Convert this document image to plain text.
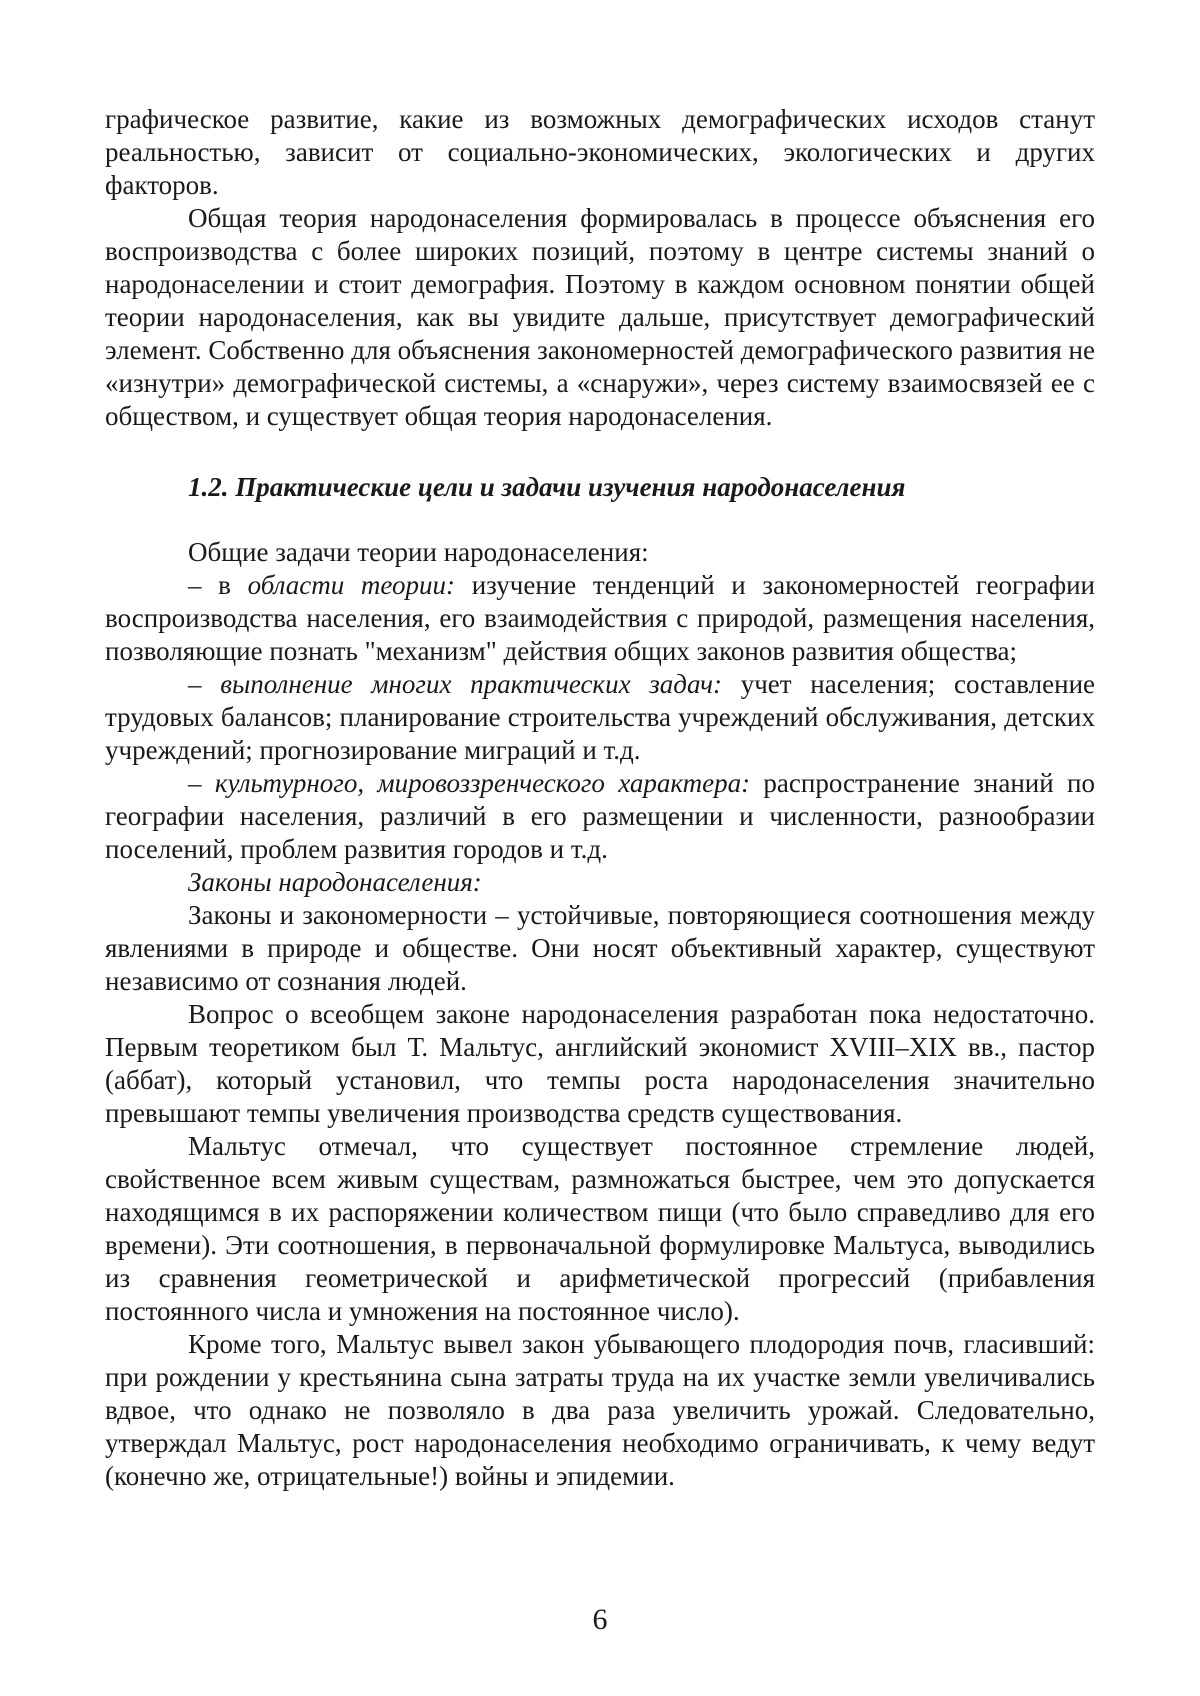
графическое развитие, какие из возможных демографических исходов станут реальностью, зависит от социально-экономических, экологических и других факторов.

Общая теория народонаселения формировалась в процессе объяснения его воспроизводства с более широких позиций, поэтому в центре системы знаний о народонаселении и стоит демография. Поэтому в каждом основном понятии общей теории народонаселения, как вы увидите дальше, присутствует демографический элемент. Собственно для объяснения закономерностей демографического развития не «изнутри» демографической системы, а «снаружи», через систему взаимосвязей ее с обществом, и существует общая теория народонаселения.

1.2. Практические цели и задачи изучения народонаселения

Общие задачи теории народонаселения:

– в области теории: изучение тенденций и закономерностей географии воспроизводства населения, его взаимодействия с природой, размещения населения, позволяющие познать "механизм" действия общих законов развития общества;

– выполнение многих практических задач: учет населения; составление трудовых балансов; планирование строительства учреждений обслуживания, детских учреждений; прогнозирование миграций и т.д.

– культурного, мировоззренческого характера: распространение знаний по географии населения, различий в его размещении и численности, разнообразии поселений, проблем развития городов и т.д.

Законы народонаселения:

Законы и закономерности – устойчивые, повторяющиеся соотношения между явлениями в природе и обществе. Они носят объективный характер, существуют независимо от сознания людей.

Вопрос о всеобщем законе народонаселения разработан пока недостаточно. Первым теоретиком был Т. Мальтус, английский экономист XVIII–XIX вв., пастор (аббат), который установил, что темпы роста народонаселения значительно превышают темпы увеличения производства средств существования.

Мальтус отмечал, что существует постоянное стремление людей, свойственное всем живым существам, размножаться быстрее, чем это допускается находящимся в их распоряжении количеством пищи (что было справедливо для его времени). Эти соотношения, в первоначальной формулировке Мальтуса, выводились из сравнения геометрической и арифметической прогрессий (прибавления постоянного числа и умножения на постоянное число).

Кроме того, Мальтус вывел закон убывающего плодородия почв, гласивший: при рождении у крестьянина сына затраты труда на их участке земли увеличивались вдвое, что однако не позволяло в два раза увеличить урожай. Следовательно, утверждал Мальтус, рост народонаселения необходимо ограничивать, к чему ведут (конечно же, отрицательные!) войны и эпидемии.

6
